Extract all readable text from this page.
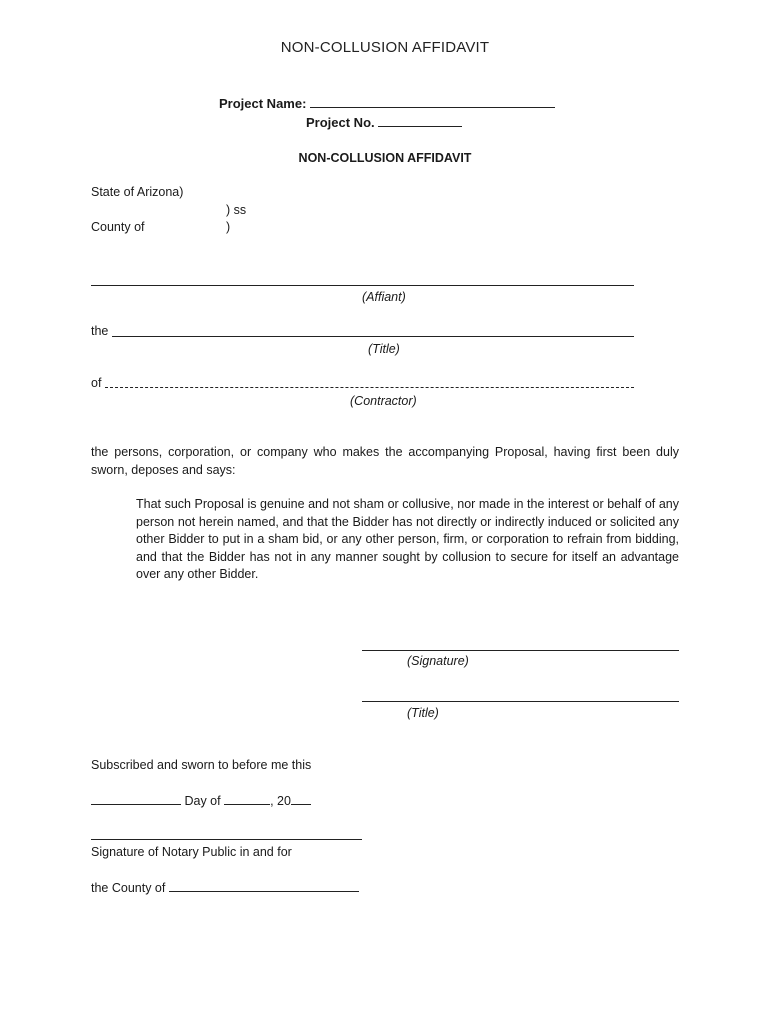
NON-COLLUSION AFFIDAVIT
Project Name:
Project No.
NON-COLLUSION AFFIDAVIT
State of Arizona)
) ss
County of	)
(Affiant)
the
(Title)
of
(Contractor)
the persons, corporation, or company who makes the accompanying Proposal, having first been duly sworn, deposes and says:
That such Proposal is genuine and not sham or collusive, nor made in the interest or behalf of any person not herein named, and that the Bidder has not directly or indirectly induced or solicited any other Bidder to put in a sham bid, or any other person, firm, or corporation to refrain from bidding, and that the Bidder has not in any manner sought by collusion to secure for itself an advantage over any other Bidder.
(Signature)
(Title)
Subscribed and sworn to before me this
Day of	, 20
Signature of Notary Public in and for
the County of
